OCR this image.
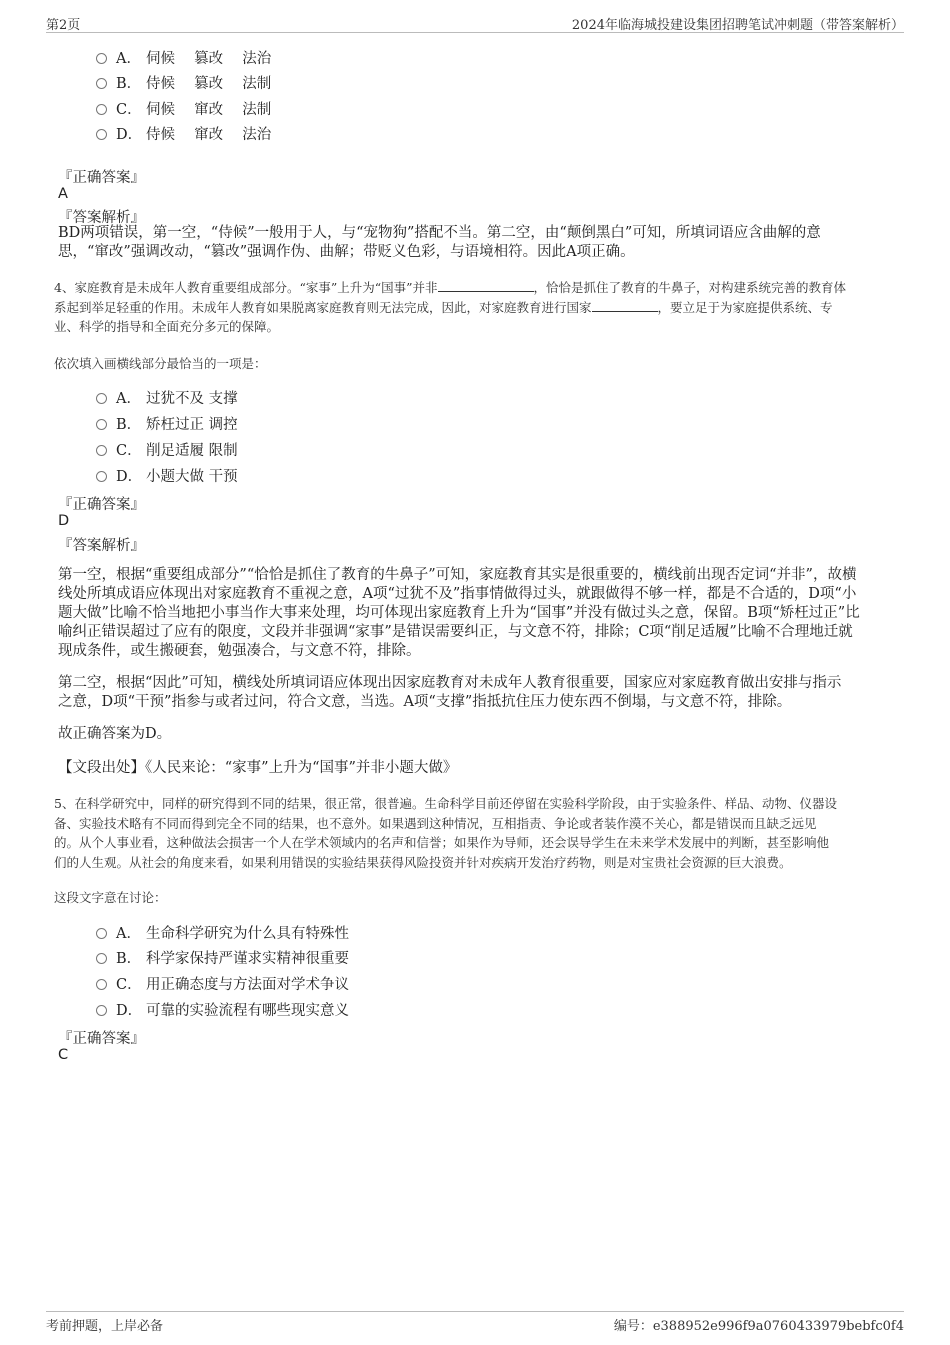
第2页	2024年临海城投建设集团招聘笔试冲刺题（带答案解析）
A． 伺候　 篡改　 法治
B． 侍候　 篡改　 法制
C． 伺候　 窜改　 法制
D． 侍候　 窜改　 法治
『正确答案』
A
『答案解析』
BD两项错误，第一空，“侍候”一般用于人，与“宠物狗”搭配不当。第二空，由“颠倒黑白”可知，所填词语应含曲解的意
思，“窜改”强调改动，“篡改”强调作伪、曲解；带贬义色彩，与语境相符。因此A项正确。
4、家庭教育是未成年人教育重要组成部分。“家事”上升为“国事”并非	，恰恰是抓住了教育的牛鼻子，对构建系统完善的教育体
系起到举足轻重的作用。未成年人教育如果脱离家庭教育则无法完成，因此，对家庭教育进行国家	，要立足于为家庭提供系统、专
业、科学的指导和全面充分多元的保障。
依次填入画横线部分最恰当的一项是：
A． 过犹不及 支撑
B． 矫枉过正 调控
C． 削足适履 限制
D． 小题大做 干预
『正确答案』
D
『答案解析』
第一空，根据“重要组成部分”“恰恰是抓住了教育的牛鼻子”可知，家庭教育其实是很重要的，横线前出现否定词“并非”，故横
线处所填成语应体现出对家庭教育不重视之意，A项“过犹不及”指事情做得过头，就跟做得不够一样，都是不合适的，D项“小
题大做”比喻不恰当地把小事当作大事来处理，均可体现出家庭教育上升为“国事”并没有做过头之意，保留。B项“矫枉过正”比
喻纠正错误超过了应有的限度，文段并非强调“家事”是错误需要纠正，与文意不符，排除；C项“削足适履”比喻不合理地迁就
现成条件，或生搬硬套，勉强凑合，与文意不符，排除。
第二空，根据“因此”可知，横线处所填词语应体现出因家庭教育对未成年人教育很重要，国家应对家庭教育做出安排与指示
之意，D项“干预”指参与或者过问，符合文意，当选。A项“支撑”指抵抗住压力使东西不倒塌，与文意不符，排除。
故正确答案为D。
【文段出处】《人民来论：“家事”上升为“国事”并非小题大做》
5、在科学研究中，同样的研究得到不同的结果，很正常，很普遍。生命科学目前还停留在实验科学阶段，由于实验条件、样品、动物、仪器设
备、实验技术略有不同而得到完全不同的结果，也不意外。如果遇到这种情况，互相指责、争论或者装作漠不关心，都是错误而且缺乏远见
的。从个人事业看，这种做法会损害一个人在学术领域内的名声和信誉；如果作为导师，还会误导学生在未来学术发展中的判断，甚至影响他
们的人生观。从社会的角度来看，如果利用错误的实验结果获得风险投资并针对疾病开发治疗药物，则是对宝贵社会资源的巨大浪费。
这段文字意在讨论：
A． 生命科学研究为什么具有特殊性
B． 科学家保持严谨求实精神很重要
C． 用正确态度与方法面对学术争议
D． 可靠的实验流程有哪些现实意义
『正确答案』
C
考前押题，上岸必备	编号：e388952e996f9a0760433979bebfc0f4
